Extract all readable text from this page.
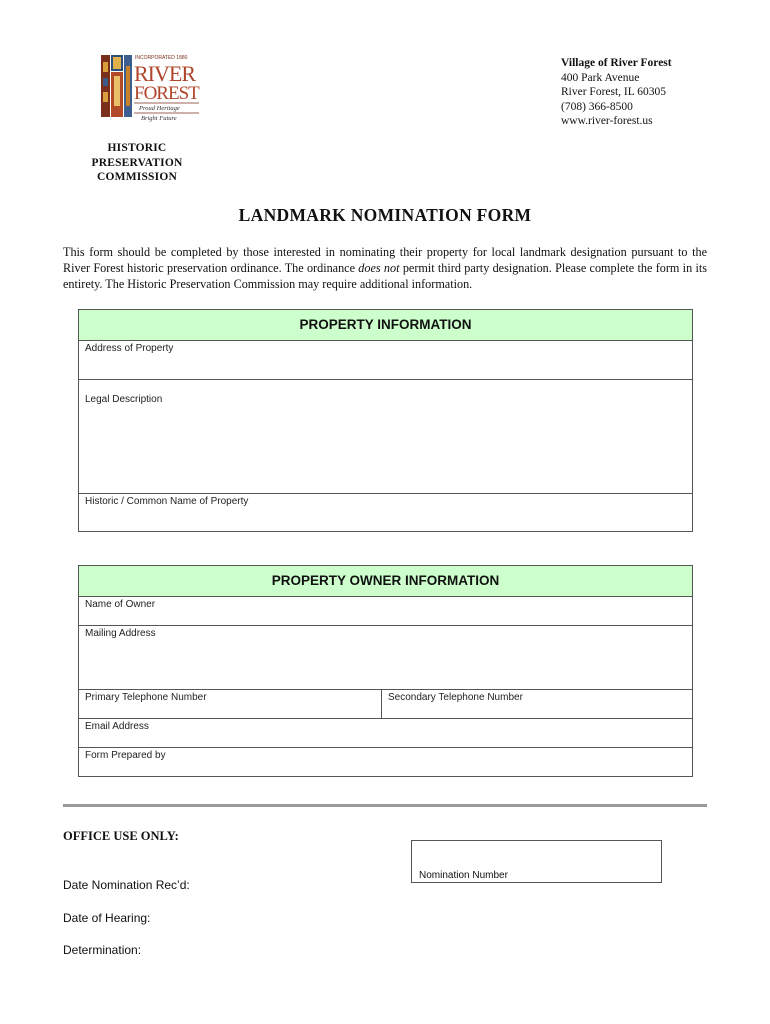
INCORPORATED 1880
RIVER
FOREST
Proud Heritage
Bright Future
Village of River Forest
400 Park Avenue
River Forest, IL 60305
(708) 366-8500
www.river-forest.us
HISTORIC PRESERVATION
COMMISSION
LANDMARK NOMINATION FORM
This form should be completed by those interested in nominating their property for local landmark designation pursuant to the River Forest historic preservation ordinance. The ordinance does not permit third party designation. Please complete the form in its entirety. The Historic Preservation Commission may require additional information.
PROPERTY INFORMATION
Address of Property
Legal Description
Historic / Common Name of Property
PROPERTY OWNER INFORMATION
Name of Owner
Mailing Address
Primary Telephone Number	Secondary Telephone Number
Email Address
Form Prepared by
OFFICE USE ONLY:
Nomination Number
Date Nomination Rec’d:
Date of Hearing:
Determination:
